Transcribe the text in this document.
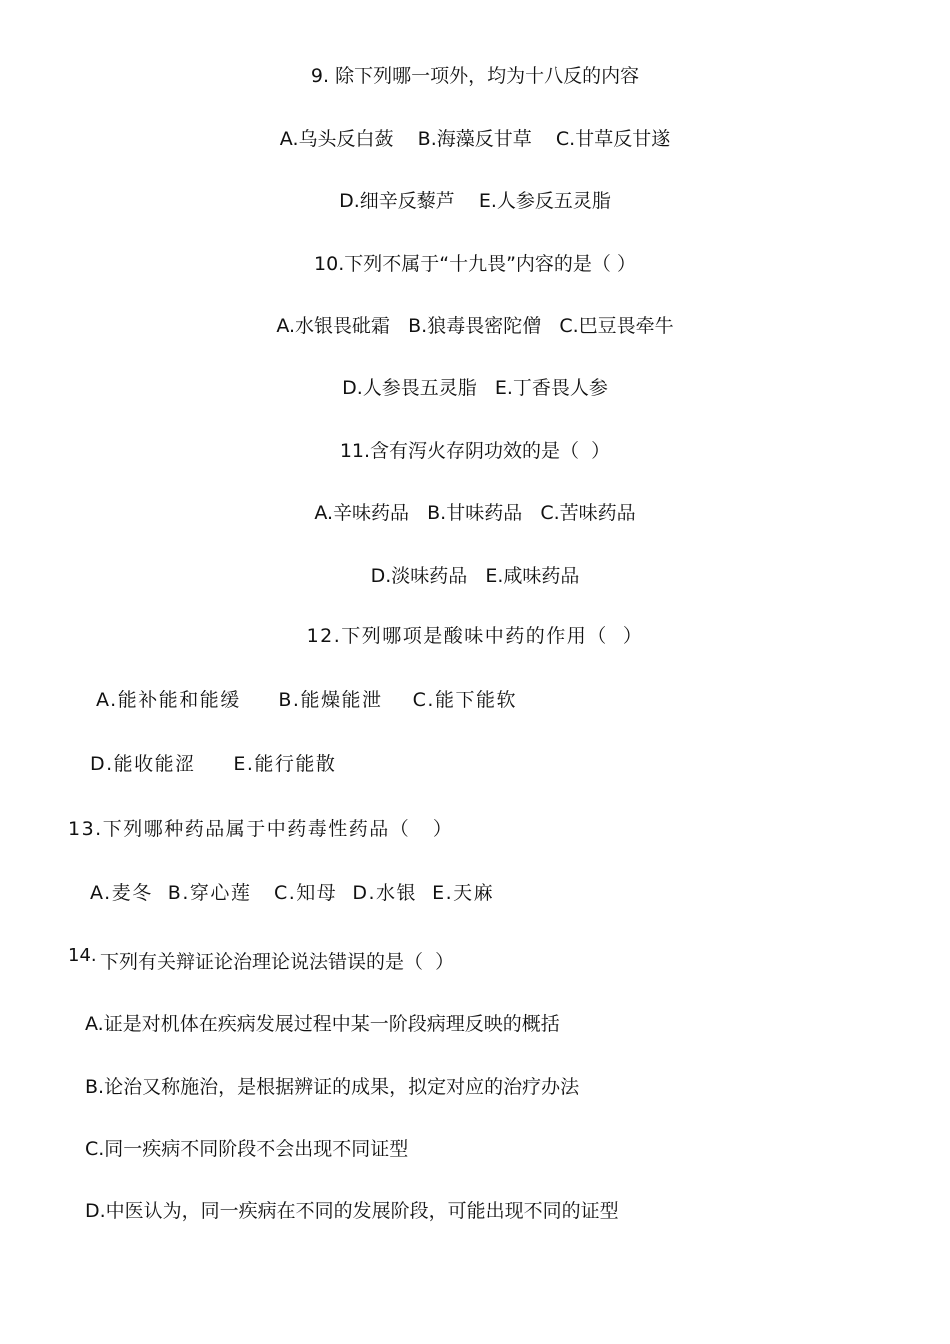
9. 除下列哪一项外，均为十八反的内容
A.乌头反白蔹    B.海藻反甘草    C.甘草反甘遂
D.细辛反藜芦    E.人参反五灵脂
10.下列不属于“十九畏”内容的是（ ）
A.水银畏砒霜   B.狼毒畏密陀僧   C.巴豆畏牵牛
D.人参畏五灵脂   E.丁香畏人参
11.含有泻火存阴功效的是（  ）
A.辛味药品   B.甘味药品   C.苦味药品
D.淡味药品   E.咸味药品
12.下列哪项是酸味中药的作用（  ）
A.能补能和能缓     B.能燥能泄    C.能下能软
D.能收能涩     E.能行能散
13.下列哪种药品属于中药毒性药品（   ）
A.麦冬  B.穿心莲   C.知母  D.水银  E.天麻
14. 下列有关辩证论治理论说法错误的是（  ）
A.证是对机体在疾病发展过程中某一阶段病理反映的概括
B.论治又称施治，是根据辨证的成果，拟定对应的治疗办法
C.同一疾病不同阶段不会出现不同证型
D.中医认为，同一疾病在不同的发展阶段，可能出现不同的证型
